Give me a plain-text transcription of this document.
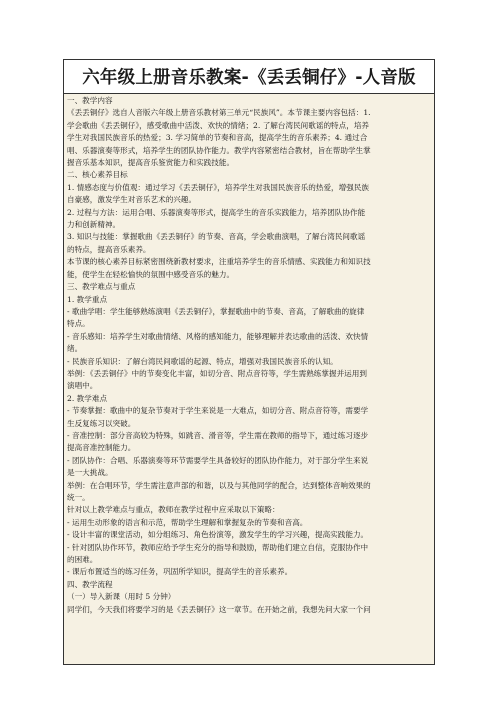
六年级上册音乐教案-《丢丢铜仔》-人音版
一、教学内容
《丢丢铜仔》选自人音版六年级上册音乐教材第三单元“民族风”。本节课主要内容包括：1.
学会歌曲《丢丢铜仔》，感受歌曲中活泼、欢快的情绪；2. 了解台湾民间歌谣的特点，培养
学生对我国民族音乐的热爱；3. 学习简单的节奏和音高，提高学生的音乐素养；4. 通过合
唱、乐器演奏等形式，培养学生的团队协作能力。教学内容紧密结合教材，旨在帮助学生掌
握音乐基本知识，提高音乐鉴赏能力和实践技能。
二、核心素养目标
1. 情感态度与价值观：通过学习《丢丢铜仔》，培养学生对我国民族音乐的热爱，增强民族
自豪感，激发学生对音乐艺术的兴趣。
2. 过程与方法：运用合唱、乐器演奏等形式，提高学生的音乐实践能力，培养团队协作能
力和创新精神。
3. 知识与技能：掌握歌曲《丢丢铜仔》的节奏、音高，学会歌曲演唱，了解台湾民间歌谣
的特点，提高音乐素养。
本节课的核心素养目标紧密围绕新教材要求，注重培养学生的音乐情感、实践能力和知识技
能，使学生在轻松愉快的氛围中感受音乐的魅力。
三、教学难点与重点
1. 教学重点
- 歌曲学唱：学生能够熟练演唱《丢丢铜仔》，掌握歌曲中的节奏、音高，了解歌曲的旋律
特点。
- 音乐感知：培养学生对歌曲情绪、风格的感知能力，能够理解并表达歌曲的活泼、欢快情
绪。
- 民族音乐知识：了解台湾民间歌谣的起源、特点，增强对我国民族音乐的认知。
举例：《丢丢铜仔》中的节奏变化丰富，如切分音、附点音符等，学生需熟练掌握并运用到
演唱中。
2. 教学难点
- 节奏掌握：歌曲中的复杂节奏对于学生来说是一大难点，如切分音、附点音符等，需要学
生反复练习以突破。
- 音准控制：部分音高较为特殊，如跳音、滑音等，学生需在教师的指导下，通过练习逐步
提高音准控制能力。
- 团队协作：合唱、乐器演奏等环节需要学生具备较好的团队协作能力，对于部分学生来说
是一大挑战。
举例：在合唱环节，学生需注意声部的和谐，以及与其他同学的配合，达到整体音响效果的
统一。
针对以上教学难点与重点，教师在教学过程中应采取以下策略：
- 运用生动形象的语言和示范，帮助学生理解和掌握复杂的节奏和音高。
- 设计丰富的课堂活动，如分组练习、角色扮演等，激发学生的学习兴趣，提高实践能力。
- 针对团队协作环节，教师应给予学生充分的指导和鼓励，帮助他们建立自信，克服协作中
的困难。
- 课后布置适当的练习任务，巩固所学知识，提高学生的音乐素养。
四、教学流程
（一）导入新课（用时 5 分钟）
同学们，今天我们将要学习的是《丢丢铜仔》这一章节。在开始之前，我想先问大家一个问
